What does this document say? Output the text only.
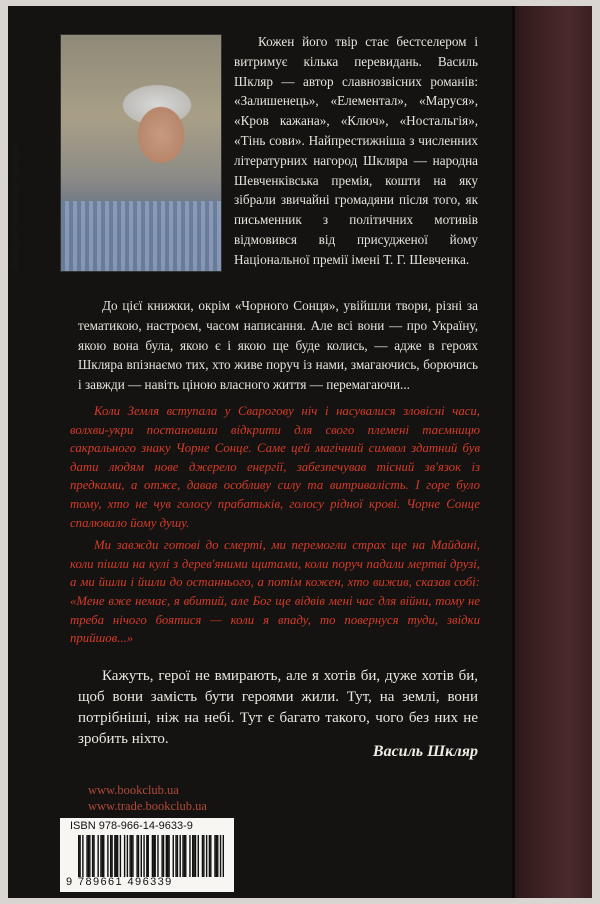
Фото люб'язно надано автором

Кожен його твір стає бестселером і витримує кілька перевидань. Василь Шкляр — автор славнозвісних романів: «Залишенець», «Елементал», «Маруся», «Кров кажана», «Ключ», «Ностальгія», «Тінь сови». Найпрестижніша з численних літературних нагород Шкляра — народна Шевченківська премія, кошти на яку зібрали звичайні громадяни після того, як письменник з політичних мотивів відмовився від присудженої йому Національної премії імені Т. Г. Шевченка.

До цієї книжки, окрім «Чорного Сонця», увійшли твори, різні за тематикою, настроєм, часом написання. Але всі вони — про Україну, якою вона була, якою є і якою ще буде колись, — адже в героях Шкляра впізнаємо тих, хто живе поруч із нами, змагаючись, борючись і завжди — навіть ціною власного життя — перемагаючи...

Коли Земля вступала у Сварогову ніч і насувалися зловісні часи, волхви-укри постановили відкрити для свого племені таємницю сакрального знаку Чорне Сонце. Саме цей магічний символ здатний був дати людям нове джерело енергії, забезпечував тісний зв'язок із предками, а отже, давав особливу силу та витривалість. І горе було тому, хто не чув голосу прабатьків, голосу рідної крові. Чорне Сонце спалювало йому душу.

Ми завжди готові до смерті, ми перемогли страх ще на Майдані, коли пішли на кулі з дерев'яними щитами, коли поруч падали мертві друзі, а ми йшли і йшли до останнього, а потім кожен, хто вижив, сказав собі: «Мене вже немає, я вбитий, але Бог ще відвів мені час для війни, тому не треба нічого боятися — коли я впаду, то повернуся туди, звідки прийшов...»

Кажуть, герої не вмирають, але я хотів би, дуже хотів би, щоб вони замість бути героями жили. Тут, на землі, вони потрібніші, ніж на небі. Тут є багато такого, чого без них не зробить ніхто.

Василь Шкляр
www.bookclub.ua
www.trade.bookclub.ua
ISBN 978-966-14-9633-9
9 789661 496339
